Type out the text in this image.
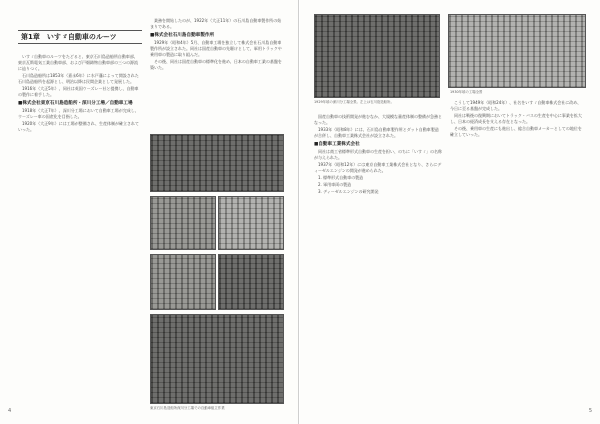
第1章　いすゞ自動車のルーツ

いすゞ自動車のルーツをたどると、東京石川島造船所自動車部、東京瓦斯電気工業自動車部、および戸畑鋳物自動車部の三つの源流に辿りつく。

石川島造船所は1853年（嘉永6年）に水戸藩によって開設された石川島造船所を起源とし、明治以降は民間企業として発展した。

1916年（大正5年）、同社は英国ウーズレー社と提携し、自動車の製作に着手した。

■株式会社東京石川島造船所・深川分工場／自動車工場

1918年（大正7年）、深川分工場において自動車工場が完成し、ウーズレー車の国産化を目指した。

1920年（大正9年）には工場が整備され、生産体制が確立されていった。

業務を開始したのが、1922年（大正11年）の石川島自動車製作所の始まりである。

■株式会社石川島自動車製作所

1929年（昭和4年）5月、自動車工場を独立して株式会社石川島自動車製作所が設立された。同社は国産自動車の先駆けとして、軍用トラックや乗用車の製造に取り組んだ。

その後、同社は国産自動車の標準化を進め、日本の自動車工業の基盤を築いた。

東京石川島造船所深川分工場での自動車組立作業
4
1929年頃の深川分工場全景。左上は石川島造船所。
1930年頃の工場全景

国産自動車の技術開発が進むなか、大規模な量産体制の整備が急務となった。

1933年（昭和8年）には、石川島自動車製作所とダット自動車製造が合併し、自動車工業株式会社が設立された。

■自動車工業株式会社

同社は商工省標準形式自動車の生産を担い、のちに「いすゞ」の名称が与えられた。

1937年（昭和12年）には東京自動車工業株式会社となり、さらにディーゼルエンジンの開発が進められた。

1. 標準形式自動車の製造

2. 軍用車両の製造

3. ディーゼルエンジンの研究開発

こうして1949年（昭和24年）、社名をいすゞ自動車株式会社に改め、今日に至る基盤が完成した。

同社は戦後の復興期においてトラック・バスの生産を中心に事業を拡大し、日本の経済成長を支える存在となった。

その後、乗用車の生産にも進出し、総合自動車メーカーとしての地位を確立していった。

5
